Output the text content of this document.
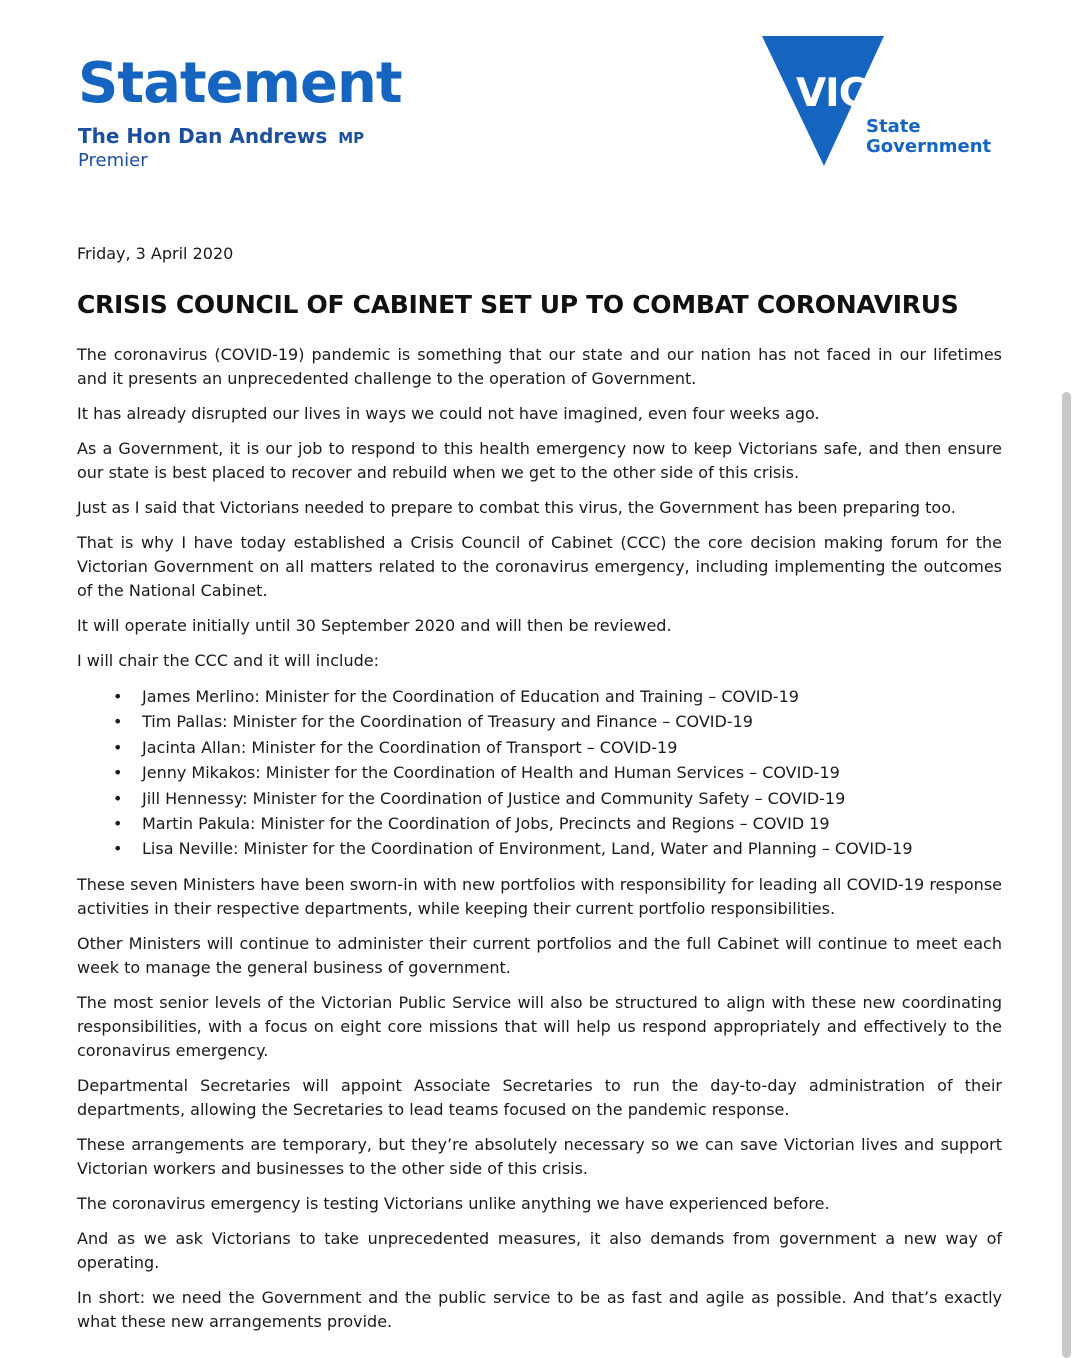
Statement
The Hon Dan Andrews MP
Premier
VICTORIA
State
Government

Friday, 3 April 2020

CRISIS COUNCIL OF CABINET SET UP TO COMBAT CORONAVIRUS

The coronavirus (COVID-19) pandemic is something that our state and our nation has not faced in our lifetimes and it presents an unprecedented challenge to the operation of Government.

It has already disrupted our lives in ways we could not have imagined, even four weeks ago.

As a Government, it is our job to respond to this health emergency now to keep Victorians safe, and then ensure our state is best placed to recover and rebuild when we get to the other side of this crisis.

Just as I said that Victorians needed to prepare to combat this virus, the Government has been preparing too.

That is why I have today established a Crisis Council of Cabinet (CCC) the core decision making forum for the Victorian Government on all matters related to the coronavirus emergency, including implementing the outcomes of the National Cabinet.

It will operate initially until 30 September 2020 and will then be reviewed.

I will chair the CCC and it will include:

• James Merlino: Minister for the Coordination of Education and Training – COVID-19
• Tim Pallas: Minister for the Coordination of Treasury and Finance – COVID-19
• Jacinta Allan: Minister for the Coordination of Transport – COVID-19
• Jenny Mikakos: Minister for the Coordination of Health and Human Services – COVID-19
• Jill Hennessy: Minister for the Coordination of Justice and Community Safety – COVID-19
• Martin Pakula: Minister for the Coordination of Jobs, Precincts and Regions – COVID 19
• Lisa Neville: Minister for the Coordination of Environment, Land, Water and Planning – COVID-19

These seven Ministers have been sworn-in with new portfolios with responsibility for leading all COVID-19 response activities in their respective departments, while keeping their current portfolio responsibilities.

Other Ministers will continue to administer their current portfolios and the full Cabinet will continue to meet each week to manage the general business of government.

The most senior levels of the Victorian Public Service will also be structured to align with these new coordinating responsibilities, with a focus on eight core missions that will help us respond appropriately and effectively to the coronavirus emergency.

Departmental Secretaries will appoint Associate Secretaries to run the day-to-day administration of their departments, allowing the Secretaries to lead teams focused on the pandemic response.

These arrangements are temporary, but they’re absolutely necessary so we can save Victorian lives and support Victorian workers and businesses to the other side of this crisis.

The coronavirus emergency is testing Victorians unlike anything we have experienced before.

And as we ask Victorians to take unprecedented measures, it also demands from government a new way of operating.

In short: we need the Government and the public service to be as fast and agile as possible. And that’s exactly what these new arrangements provide.
